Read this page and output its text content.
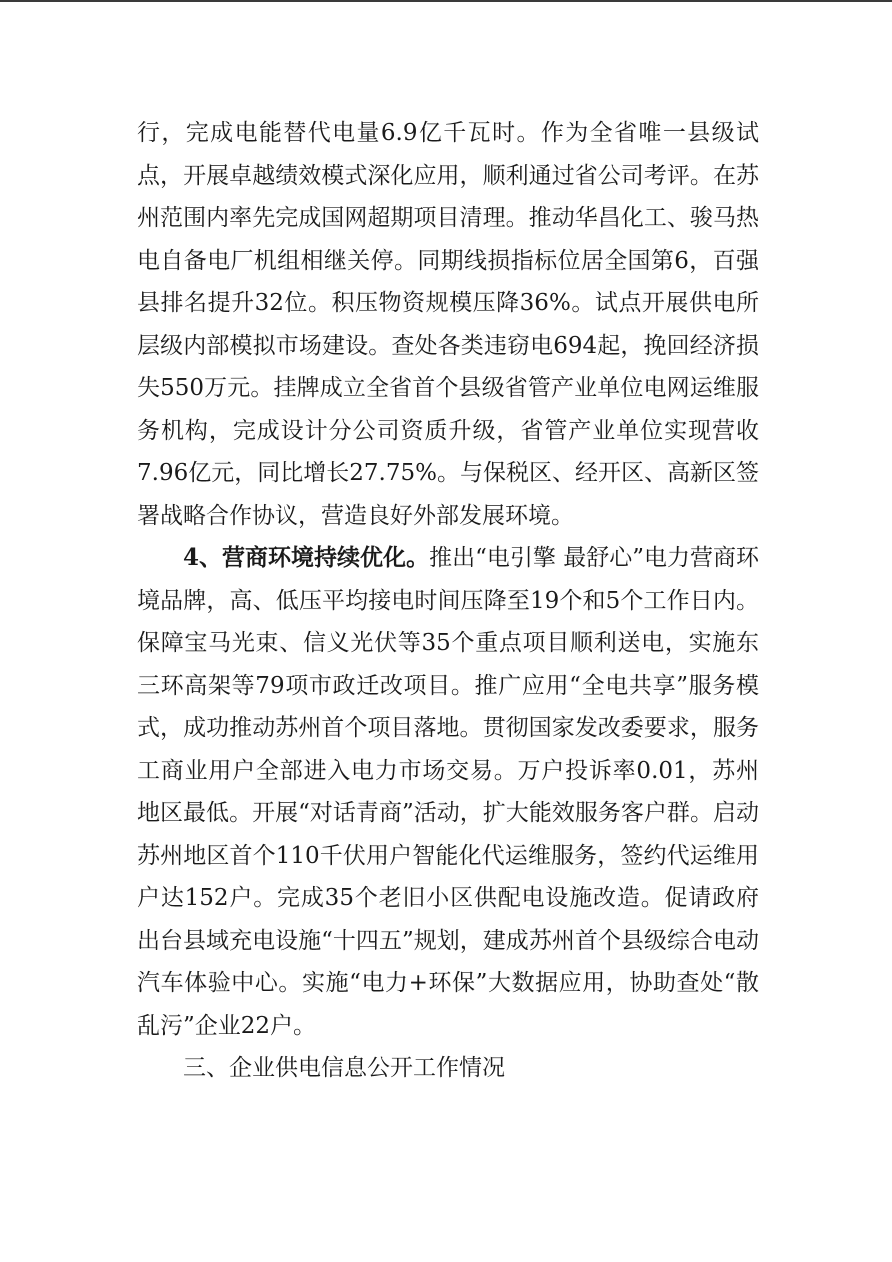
行，完成电能替代电量6.9亿千瓦时。作为全省唯一县级试点，开展卓越绩效模式深化应用，顺利通过省公司考评。在苏州范围内率先完成国网超期项目清理。推动华昌化工、骏马热电自备电厂机组相继关停。同期线损指标位居全国第6，百强县排名提升32位。积压物资规模压降36%。试点开展供电所层级内部模拟市场建设。查处各类违窃电694起，挽回经济损失550万元。挂牌成立全省首个县级省管产业单位电网运维服务机构，完成设计分公司资质升级，省管产业单位实现营收7.96亿元，同比增长27.75%。与保税区、经开区、高新区签署战略合作协议，营造良好外部发展环境。

4、营商环境持续优化。推出“电引擎 最舒心”电力营商环境品牌，高、低压平均接电时间压降至19个和5个工作日内。保障宝马光束、信义光伏等35个重点项目顺利送电，实施东三环高架等79项市政迁改项目。推广应用“全电共享”服务模式，成功推动苏州首个项目落地。贯彻国家发改委要求，服务工商业用户全部进入电力市场交易。万户投诉率0.01，苏州地区最低。开展“对话青商”活动，扩大能效服务客户群。启动苏州地区首个110千伏用户智能化代运维服务，签约代运维用户达152户。完成35个老旧小区供配电设施改造。促请政府出台县域充电设施“十四五”规划，建成苏州首个县级综合电动汽车体验中心。实施“电力+环保”大数据应用，协助查处“散乱污”企业22户。

三、企业供电信息公开工作情况
